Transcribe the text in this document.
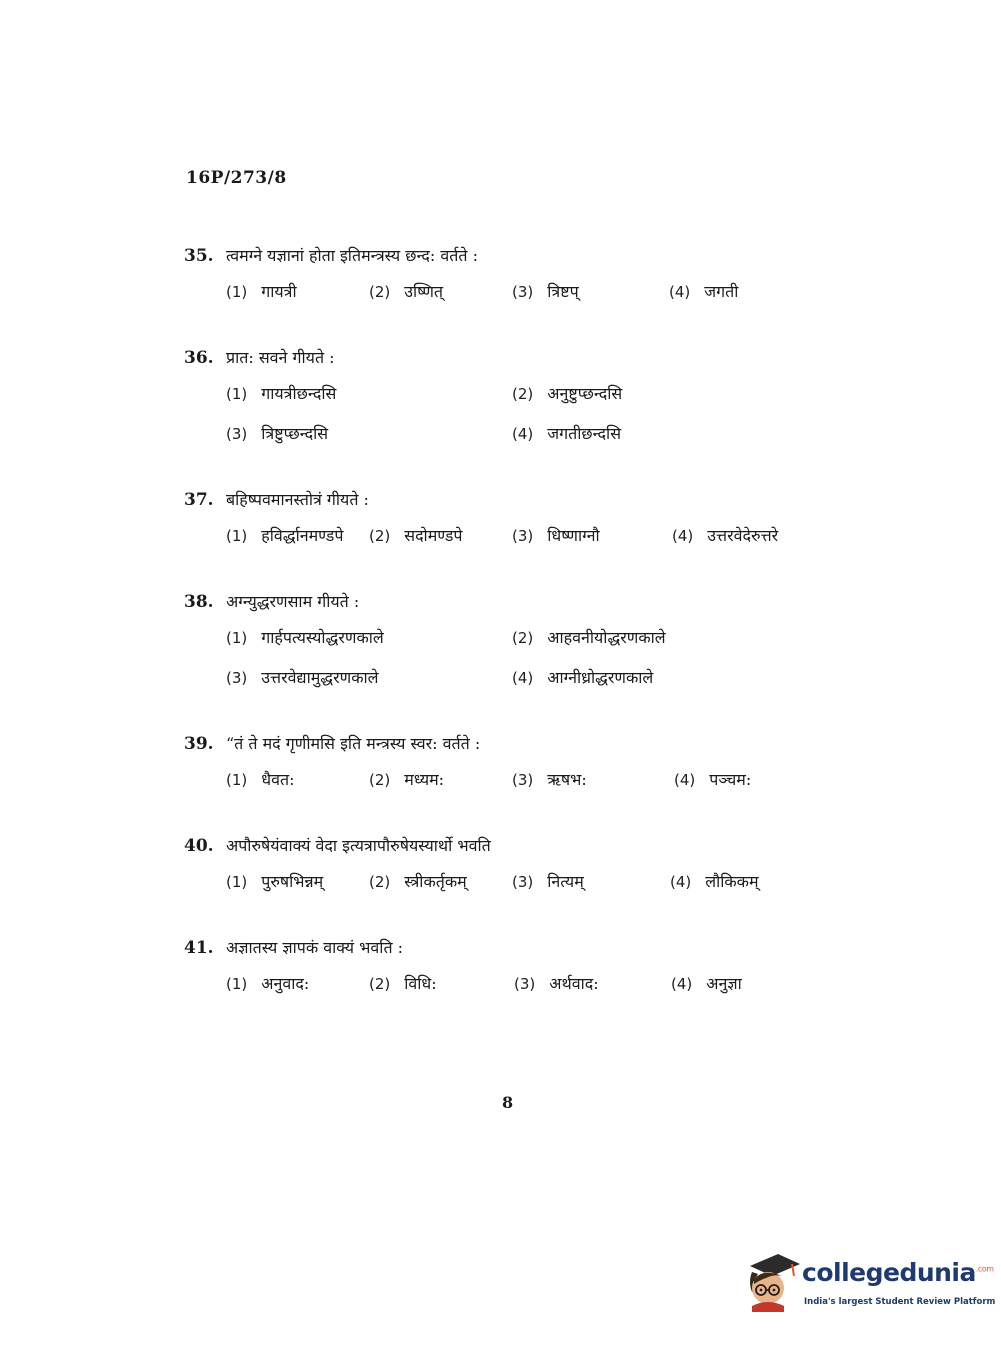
16P/273/8
35. त्वमग्ने यज्ञानां होता इतिमन्त्रस्य छन्द: वर्तते :
(1) गायत्री	(2) उष्णित्	(3) त्रिष्टप्	(4) जगती
36. प्रात: सवने गीयते :
(1) गायत्रीछन्दसि	(2) अनुष्टुप्छन्दसि
(3) त्रिष्टुप्छन्दसि	(4) जगतीछन्दसि
37. बहिष्पवमानस्तोत्रं गीयते :
(1) हविर्द्धानमण्डपे (2) सदोमण्डपे	(3) धिष्णाग्नौ	(4) उत्तरवेदेरुत्तरे
38. अग्न्युद्धरणसाम गीयते :
(1) गार्हपत्यस्योद्धरणकाले	(2) आहवनीयोद्धरणकाले
(3) उत्तरवेद्यामुद्धरणकाले	(4) आग्नीध्रोद्धरणकाले
39. “तं ते मदं गृणीमसि इति मन्त्रस्य स्वर: वर्तते :
(1) धैवत:	(2) मध्यम:	(3) ऋषभ:	(4) पञ्चम:
40. अपौरुषेयंवाक्यं वेदा इत्यत्रापौरुषेयस्यार्थो भवति
(1) पुरुषभिन्नम्	(2) स्त्रीकर्तृकम्	(3) नित्यम्	(4) लौकिकम्
41. अज्ञातस्य ज्ञापकं वाक्यं भवति :
(1) अनुवाद:	(2) विधि:	(3) अर्थवाद:	(4) अनुज्ञा
8
collegedunia$^{.com}$
India's largest Student Review Platform
